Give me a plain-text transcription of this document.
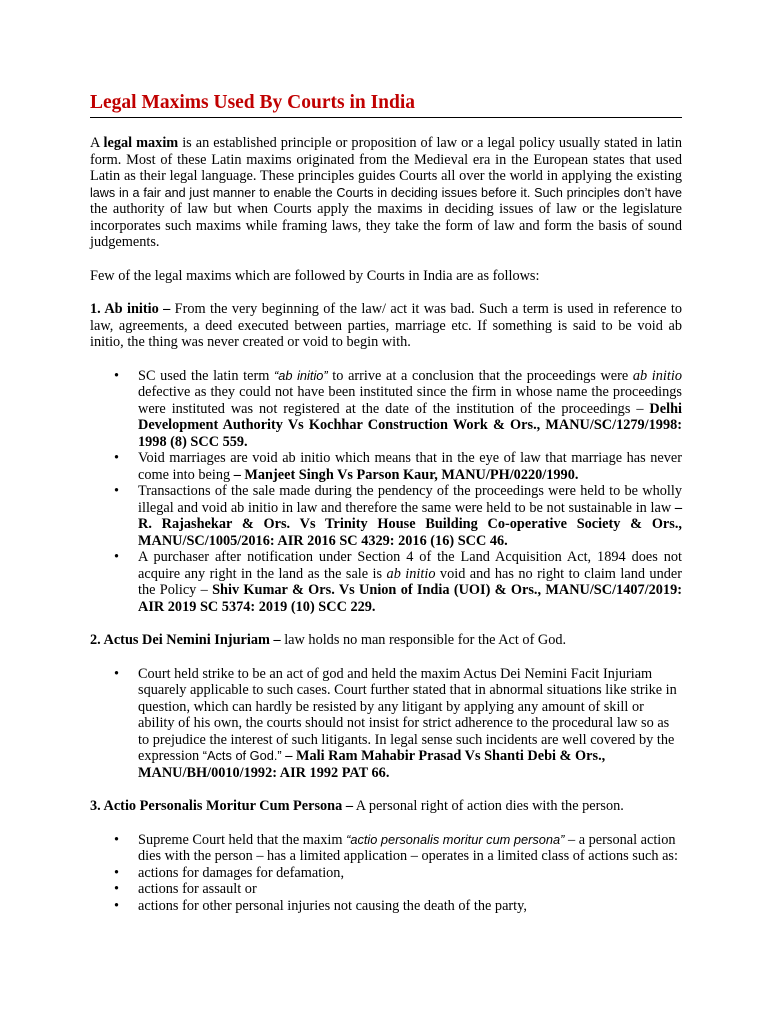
Legal Maxims Used By Courts in India

A legal maxim is an established principle or proposition of law or a legal policy usually stated in latin form. Most of these Latin maxims originated from the Medieval era in the European states that used Latin as their legal language. These principles guides Courts all over the world in applying the existing laws in a fair and just manner to enable the Courts in deciding issues before it. Such principles don’t have the authority of law but when Courts apply the maxims in deciding issues of law or the legislature incorporates such maxims while framing laws, they take the form of law and form the basis of sound judgements.

Few of the legal maxims which are followed by Courts in India are as follows:

1. Ab initio – From the very beginning of the law/ act it was bad. Such a term is used in reference to law, agreements, a deed executed between parties, marriage etc. If something is said to be void ab initio, the thing was never created or void to begin with.

• SC used the latin term “ab initio” to arrive at a conclusion that the proceedings were ab initio defective as they could not have been instituted since the firm in whose name the proceedings were instituted was not registered at the date of the institution of the proceedings – Delhi Development Authority Vs Kochhar Construction Work & Ors., MANU/SC/1279/1998: 1998 (8) SCC 559.
• Void marriages are void ab initio which means that in the eye of law that marriage has never come into being – Manjeet Singh Vs Parson Kaur, MANU/PH/0220/1990.
• Transactions of the sale made during the pendency of the proceedings were held to be wholly illegal and void ab initio in law and therefore the same were held to be not sustainable in law – R. Rajashekar & Ors. Vs Trinity House Building Co-operative Society & Ors., MANU/SC/1005/2016: AIR 2016 SC 4329: 2016 (16) SCC 46.
• A purchaser after notification under Section 4 of the Land Acquisition Act, 1894 does not acquire any right in the land as the sale is ab initio void and has no right to claim land under the Policy – Shiv Kumar & Ors. Vs Union of India (UOI) & Ors., MANU/SC/1407/2019: AIR 2019 SC 5374: 2019 (10) SCC 229.

2. Actus Dei Nemini Injuriam – law holds no man responsible for the Act of God.

• Court held strike to be an act of god and held the maxim Actus Dei Nemini Facit Injuriam squarely applicable to such cases. Court further stated that in abnormal situations like strike in question, which can hardly be resisted by any litigant by applying any amount of skill or ability of his own, the courts should not insist for strict adherence to the procedural law so as to prejudice the interest of such litigants. In legal sense such incidents are well covered by the expression “Acts of God.” – Mali Ram Mahabir Prasad Vs Shanti Debi & Ors., MANU/BH/0010/1992: AIR 1992 PAT 66.

3. Actio Personalis Moritur Cum Persona – A personal right of action dies with the person.

• Supreme Court held that the maxim “actio personalis moritur cum persona” – a personal action dies with the person – has a limited application – operates in a limited class of actions such as:
• actions for damages for defamation,
• actions for assault or
• actions for other personal injuries not causing the death of the party,
